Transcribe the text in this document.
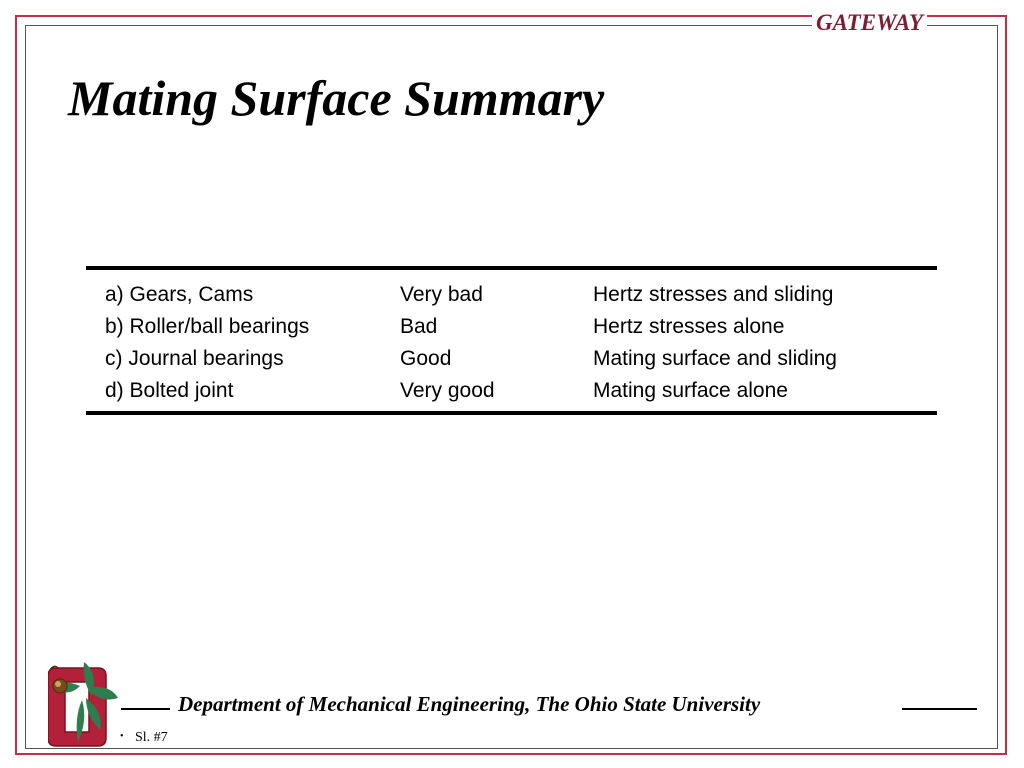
GATEWAY
Mating Surface Summary
a) Gears, Cams	Very bad	Hertz stresses and sliding
b) Roller/ball bearings	Bad	Hertz stresses alone
c) Journal bearings	Good	Mating surface and sliding
d) Bolted joint	Very good	Mating surface alone
Department of Mechanical Engineering, The Ohio State University
• Sl. #7
